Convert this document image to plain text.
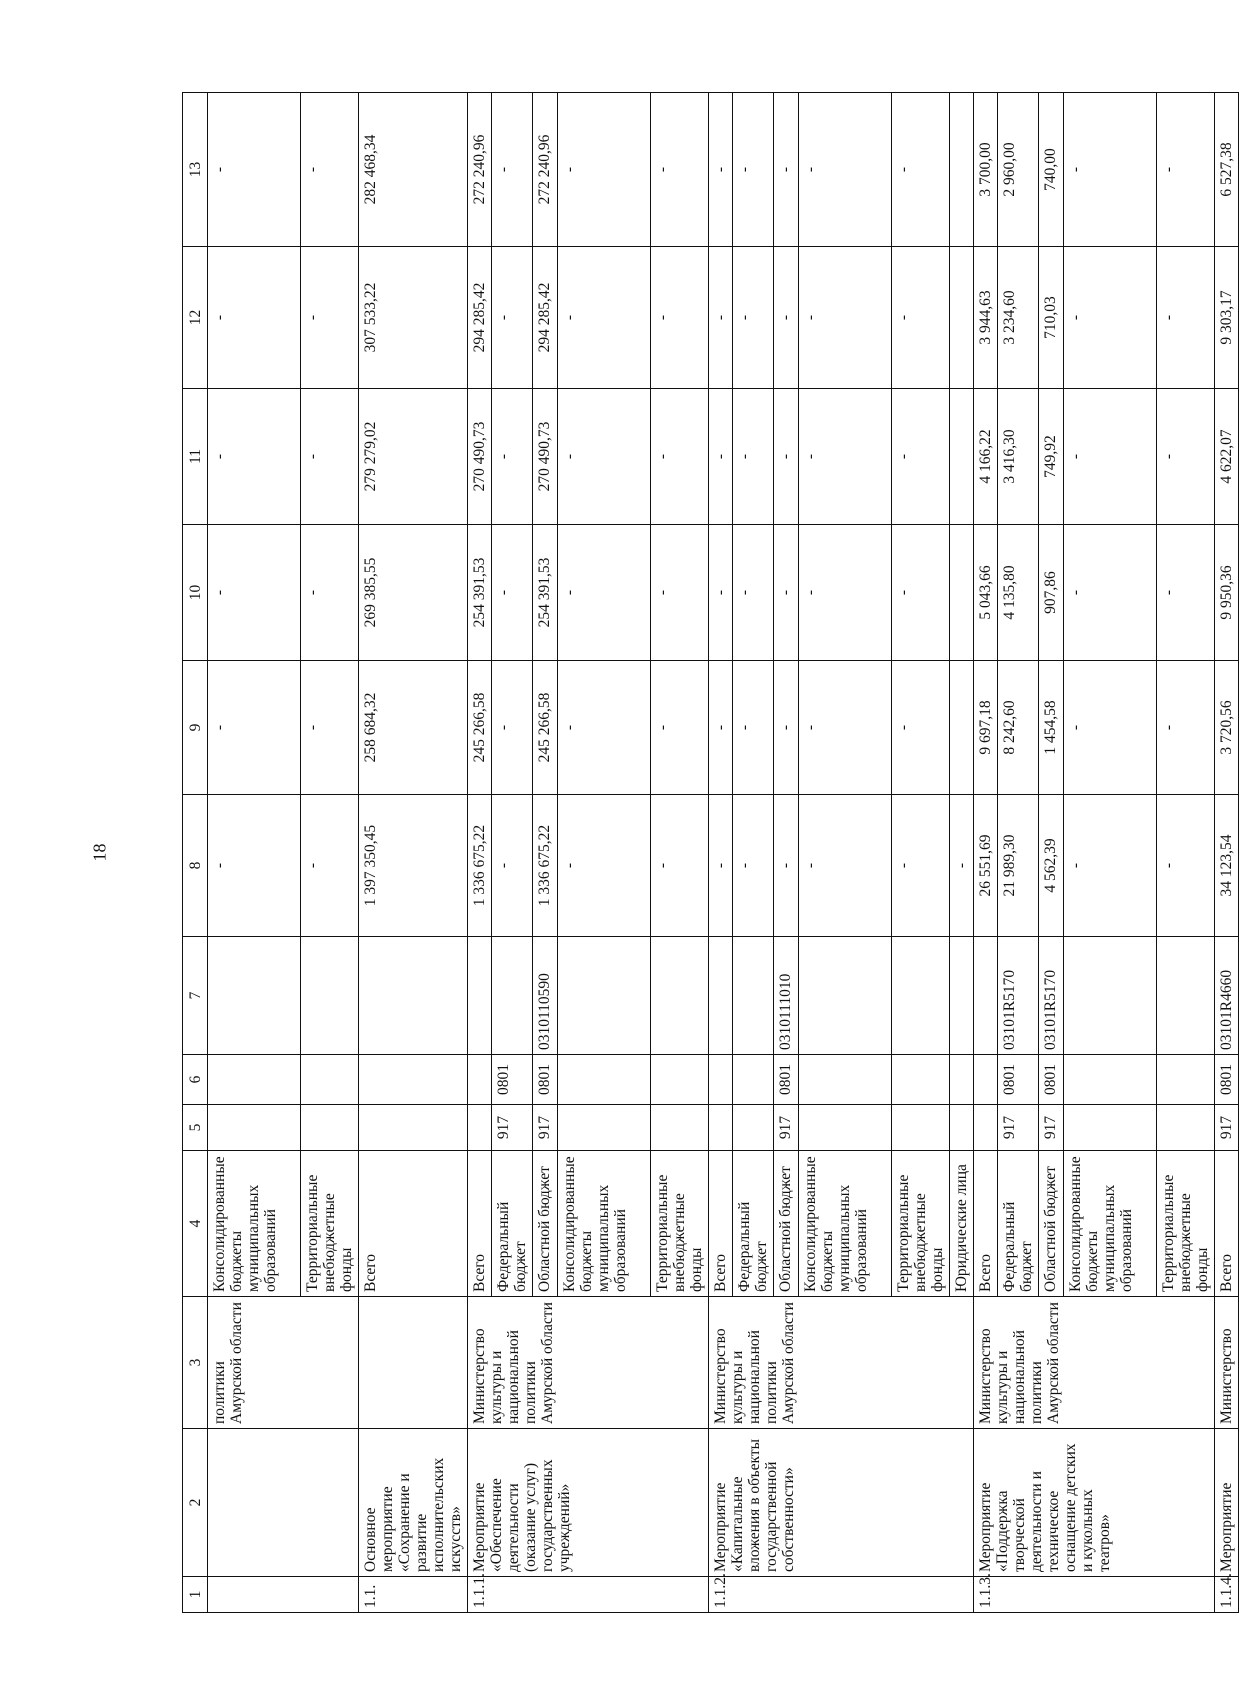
18
1	2	3	4	5	6	7	8	9	10	11	12	13
		политики Амурской области	Консолидированные бюджеты муниципальных образований				-	-	-	-	-	-
			Территориальные внебюджетные фонды				-	-	-	-	-	-
1.1.	Основное мероприятие «Сохранение и развитие исполнительских искусств»		Всего				1 397 350,45	258 684,32	269 385,55	279 279,02	307 533,22	282 468,34
1.1.1.	Мероприятие «Обеспечение деятельности (оказание услуг) государственных учреждений»	Министерство культуры и национальной политики Амурской области	Всего				1 336 675,22	245 266,58	254 391,53	270 490,73	294 285,42	272 240,96
			Федеральный бюджет	917	0801		-	-	-	-	-	-
			Областной бюджет	917	0801	0310110590	1 336 675,22	245 266,58	254 391,53	270 490,73	294 285,42	272 240,96
			Консолидированные бюджеты муниципальных образований				-	-	-	-	-	-
			Территориальные внебюджетные фонды				-	-	-	-	-	-
1.1.2.	Мероприятие «Капитальные вложения в объекты государственной собственности»	Министерство культуры и национальной политики Амурской области	Всего				-	-	-	-	-	-
			Федеральный бюджет				-	-	-	-	-	-
			Областной бюджет	917	0801	0310111010	-	-	-	-	-	-
			Консолидированные бюджеты муниципальных образований				-	-	-	-	-	-
			Территориальные внебюджетные фонды				-	-	-	-	-	-
			Юридические лица				-					
1.1.3.	Мероприятие «Поддержка творческой деятельности и техническое оснащение детских и кукольных театров»	Министерство культуры и национальной политики Амурской области	Всего				26 551,69	9 697,18	5 043,66	4 166,22	3 944,63	3 700,00
			Федеральный бюджет	917	0801	03101R5170	21 989,30	8 242,60	4 135,80	3 416,30	3 234,60	2 960,00
			Областной бюджет	917	0801	03101R5170	4 562,39	1 454,58	907,86	749,92	710,03	740,00
			Консолидированные бюджеты муниципальных образований				-	-	-	-	-	-
			Территориальные внебюджетные фонды				-	-	-	-	-	-
1.1.4.	Мероприятие	Министерство	Всего	917	0801	03101R4660	34 123,54	3 720,56	9 950,36	4 622,07	9 303,17	6 527,38
